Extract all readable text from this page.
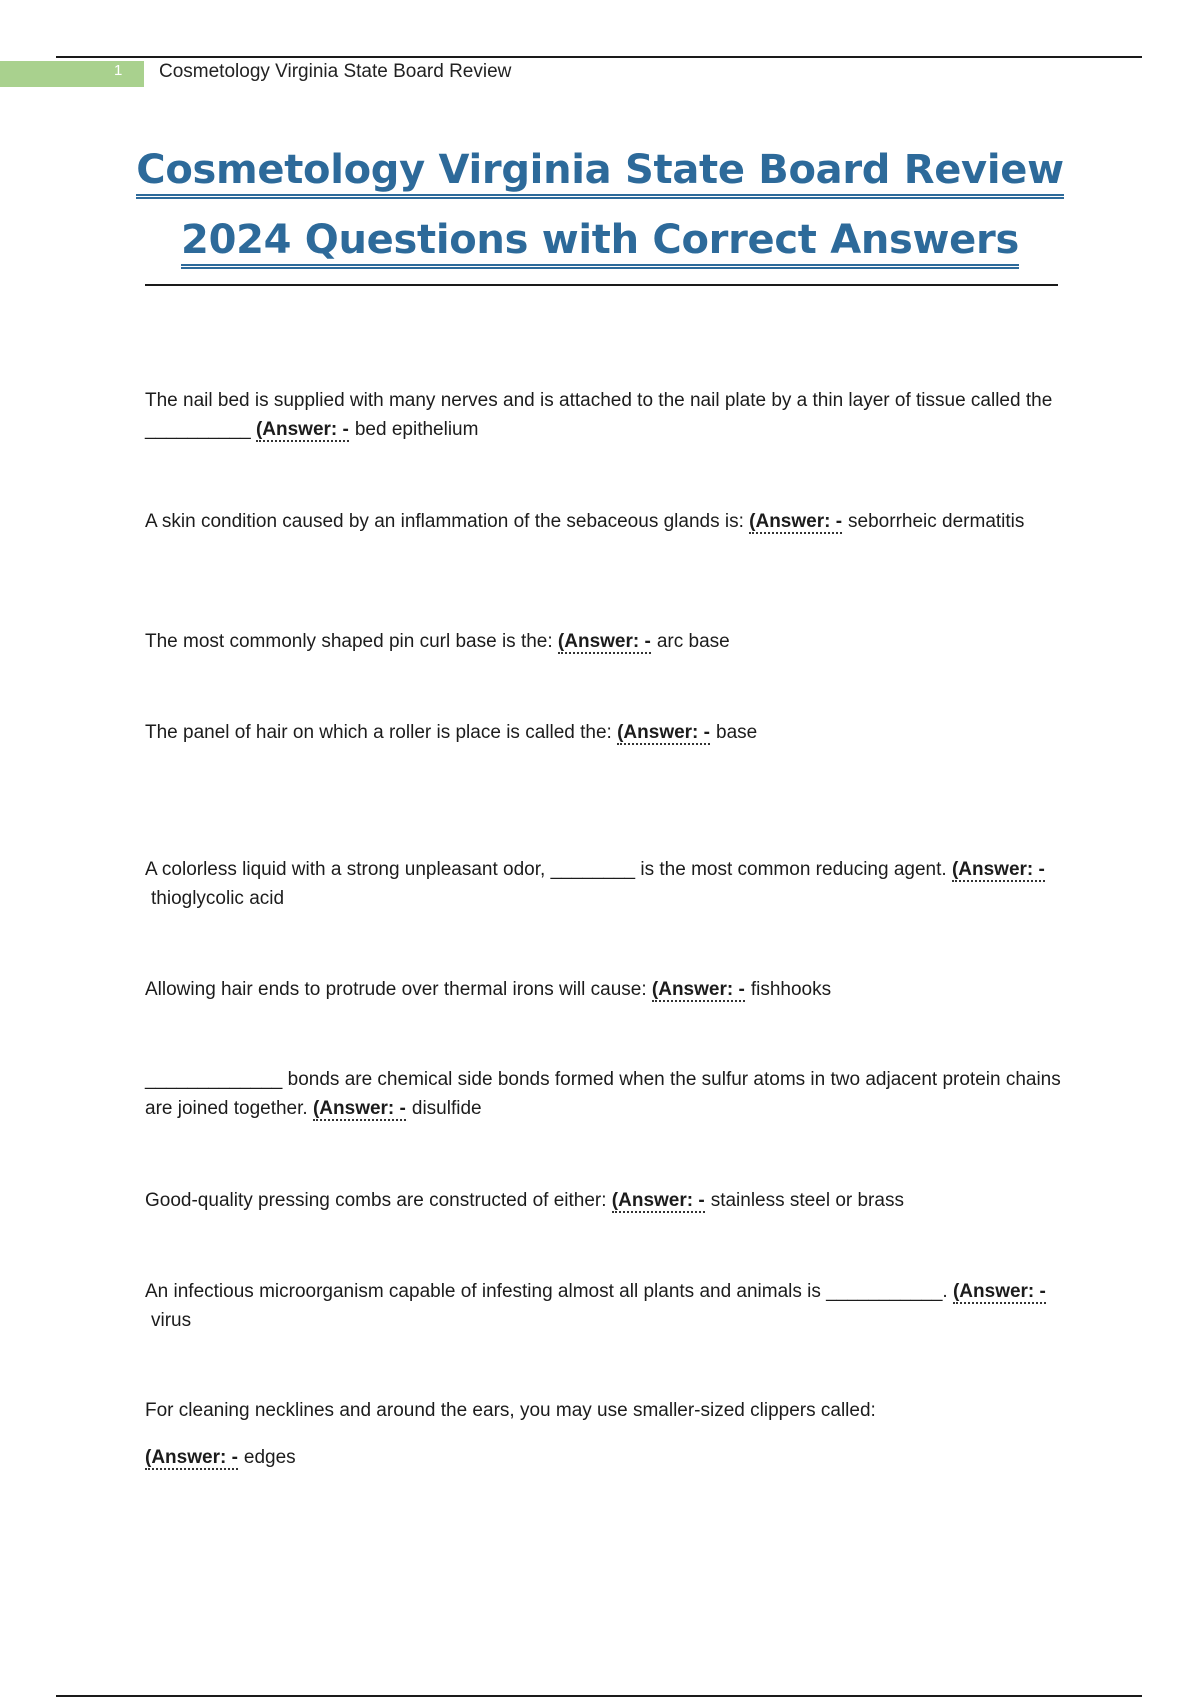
1 Cosmetology Virginia State Board Review
Cosmetology Virginia State Board Review
2024 Questions with Correct Answers
The nail bed is supplied with many nerves and is attached to the nail plate by a thin layer of tissue called the __________ (Answer: - bed epithelium
A skin condition caused by an inflammation of the sebaceous glands is: (Answer: - seborrheic dermatitis
The most commonly shaped pin curl base is the: (Answer: - arc base
The panel of hair on which a roller is place is called the: (Answer: - base
A colorless liquid with a strong unpleasant odor, ________ is the most common reducing agent. (Answer: -thioglycolic acid
Allowing hair ends to protrude over thermal irons will cause: (Answer: - fishhooks
_____________ bonds are chemical side bonds formed when the sulfur atoms in two adjacent protein chains are joined together. (Answer: - disulfide
Good-quality pressing combs are constructed of either: (Answer: - stainless steel or brass
An infectious microorganism capable of infesting almost all plants and animals is ___________. (Answer: -virus
For cleaning necklines and around the ears, you may use smaller-sized clippers called:
(Answer: - edges
